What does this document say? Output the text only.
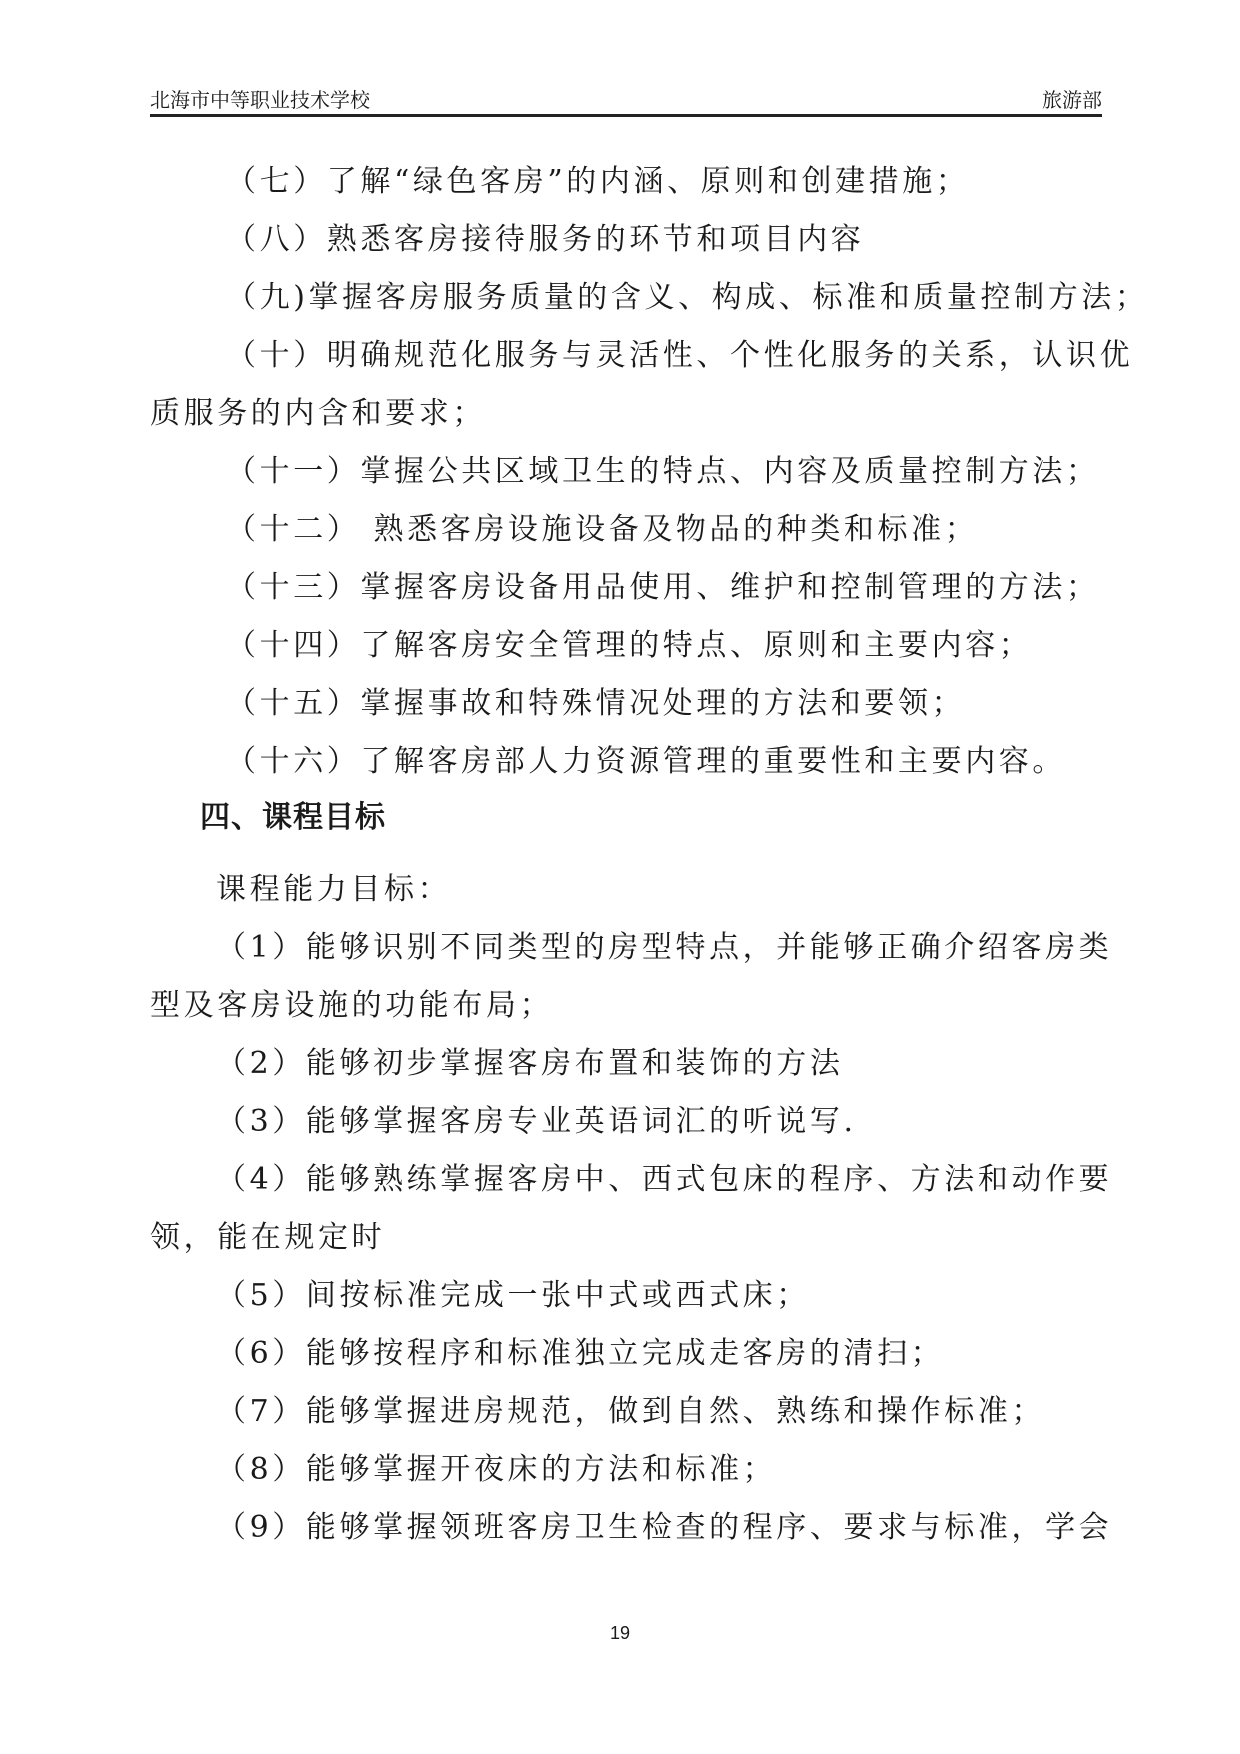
北海市中等职业技术学校	旅游部
（七）了解“绿色客房”的内涵、原则和创建措施；
（八）熟悉客房接待服务的环节和项目内容
（九)掌握客房服务质量的含义、构成、标准和质量控制方法；
（十）明确规范化服务与灵活性、个性化服务的关系，认识优
质服务的内含和要求；
（十一）掌握公共区域卫生的特点、内容及质量控制方法；
（十二） 熟悉客房设施设备及物品的种类和标准；
（十三）掌握客房设备用品使用、维护和控制管理的方法；
（十四）了解客房安全管理的特点、原则和主要内容；
（十五）掌握事故和特殊情况处理的方法和要领；
（十六）了解客房部人力资源管理的重要性和主要内容。
四、课程目标
课程能力目标：
（1）能够识别不同类型的房型特点，并能够正确介绍客房类
型及客房设施的功能布局；
（2）能够初步掌握客房布置和装饰的方法
（3）能够掌握客房专业英语词汇的听说写.
（4）能够熟练掌握客房中、西式包床的程序、方法和动作要
领，能在规定时
（5）间按标准完成一张中式或西式床；
（6）能够按程序和标准独立完成走客房的清扫；
（7）能够掌握进房规范，做到自然、熟练和操作标准；
（8）能够掌握开夜床的方法和标准；
（9）能够掌握领班客房卫生检查的程序、要求与标准，学会
19
